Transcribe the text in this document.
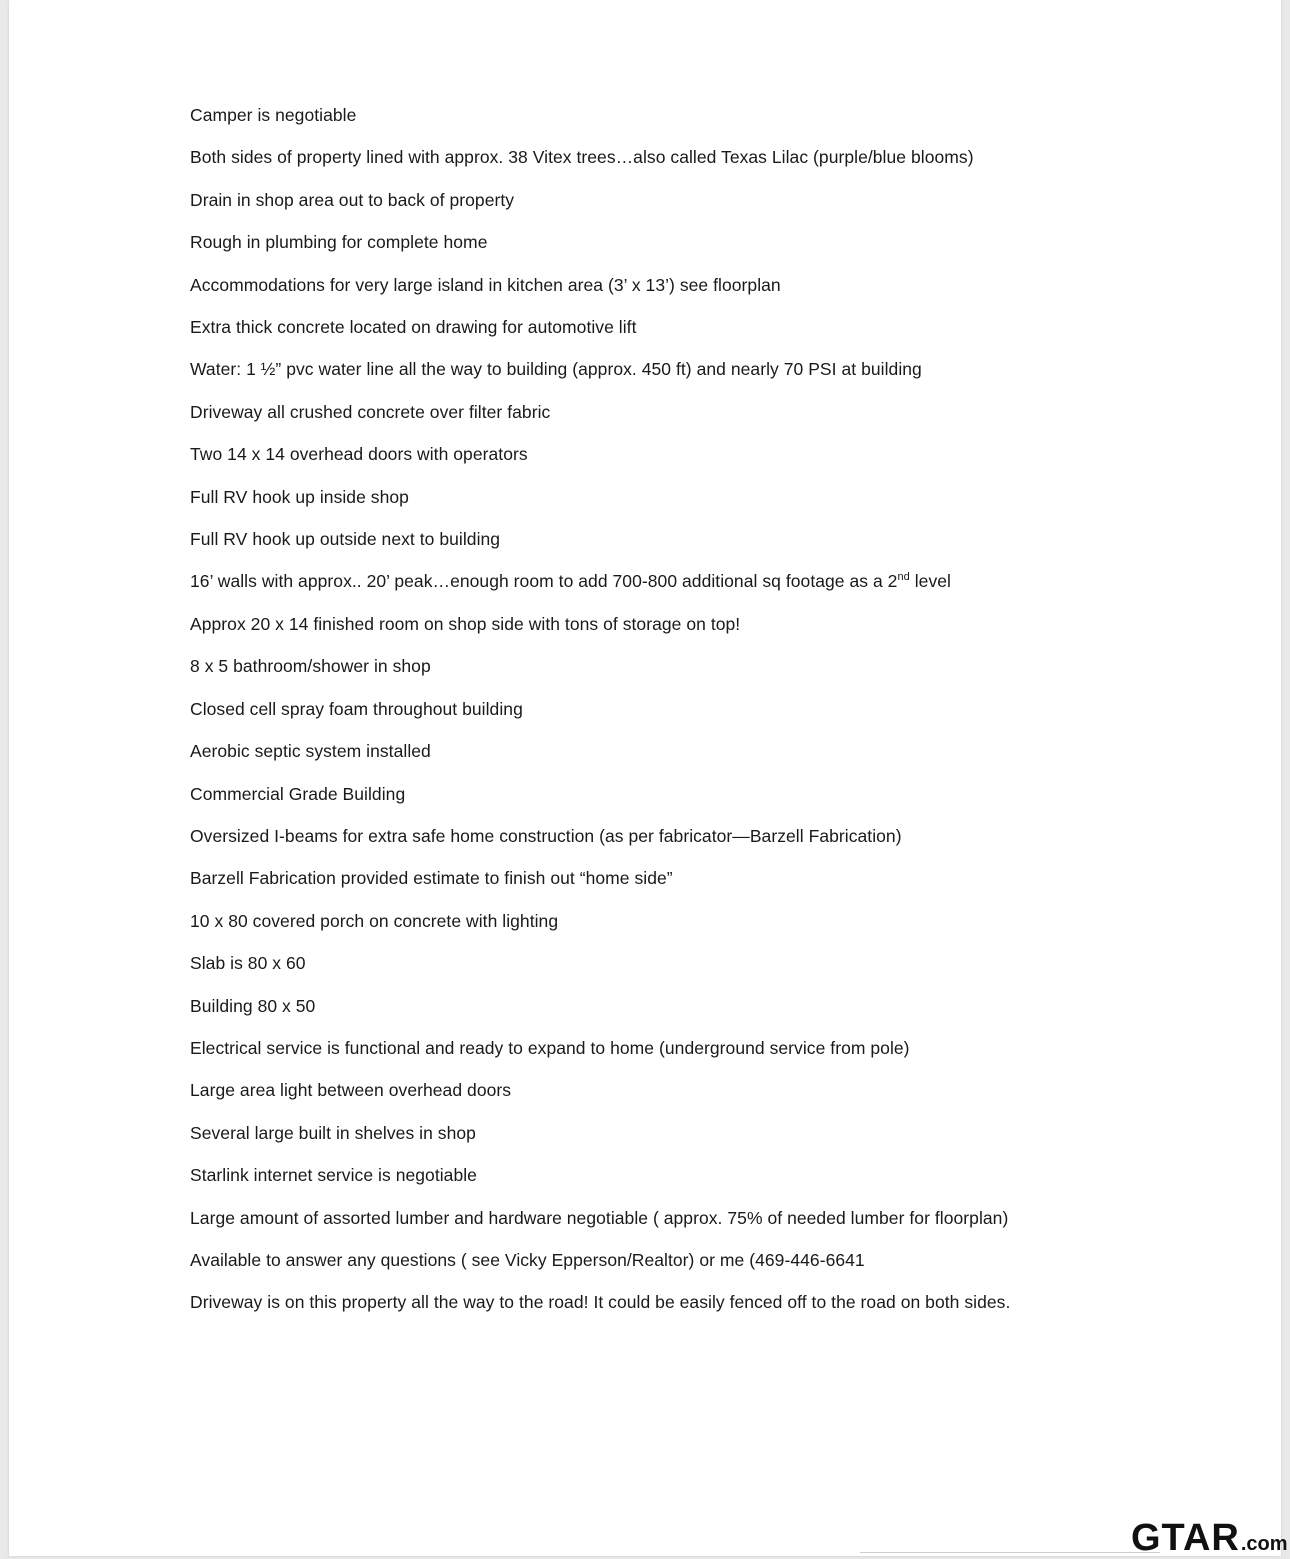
Camper is negotiable
Both sides of property lined with approx. 38 Vitex trees…also called Texas Lilac (purple/blue blooms)
Drain in shop area out to back of property
Rough in plumbing for complete home
Accommodations for very large island in kitchen area (3’ x 13’) see floorplan
Extra thick concrete located on drawing for automotive lift
Water: 1 ½” pvc water line all the way to building (approx. 450 ft) and nearly 70 PSI at building
Driveway all crushed concrete over filter fabric
Two 14 x 14 overhead doors with operators
Full RV hook up inside shop
Full RV hook up outside next to building
16’ walls with approx.. 20’ peak…enough room to add 700-800 additional sq footage as a 2nd level
Approx 20 x 14 finished room on shop side with tons of storage on top!
8 x 5 bathroom/shower in shop
Closed cell spray foam throughout building
Aerobic septic system installed
Commercial Grade Building
Oversized I-beams for extra safe home construction (as per fabricator—Barzell Fabrication)
Barzell Fabrication provided estimate to finish out “home side”
10 x 80 covered porch on concrete with lighting
Slab is 80 x 60
Building 80 x 50
Electrical service is functional and ready to expand to home (underground service from pole)
Large area light between overhead doors
Several large built in shelves in shop
Starlink internet service is negotiable
Large amount of assorted lumber and hardware negotiable ( approx. 75% of needed lumber for floorplan)
Available to answer any questions ( see Vicky Epperson/Realtor) or me (469-446-6641
Driveway is on this property all the way to the road! It could be easily fenced off to the road on both sides.
GTAR.com
